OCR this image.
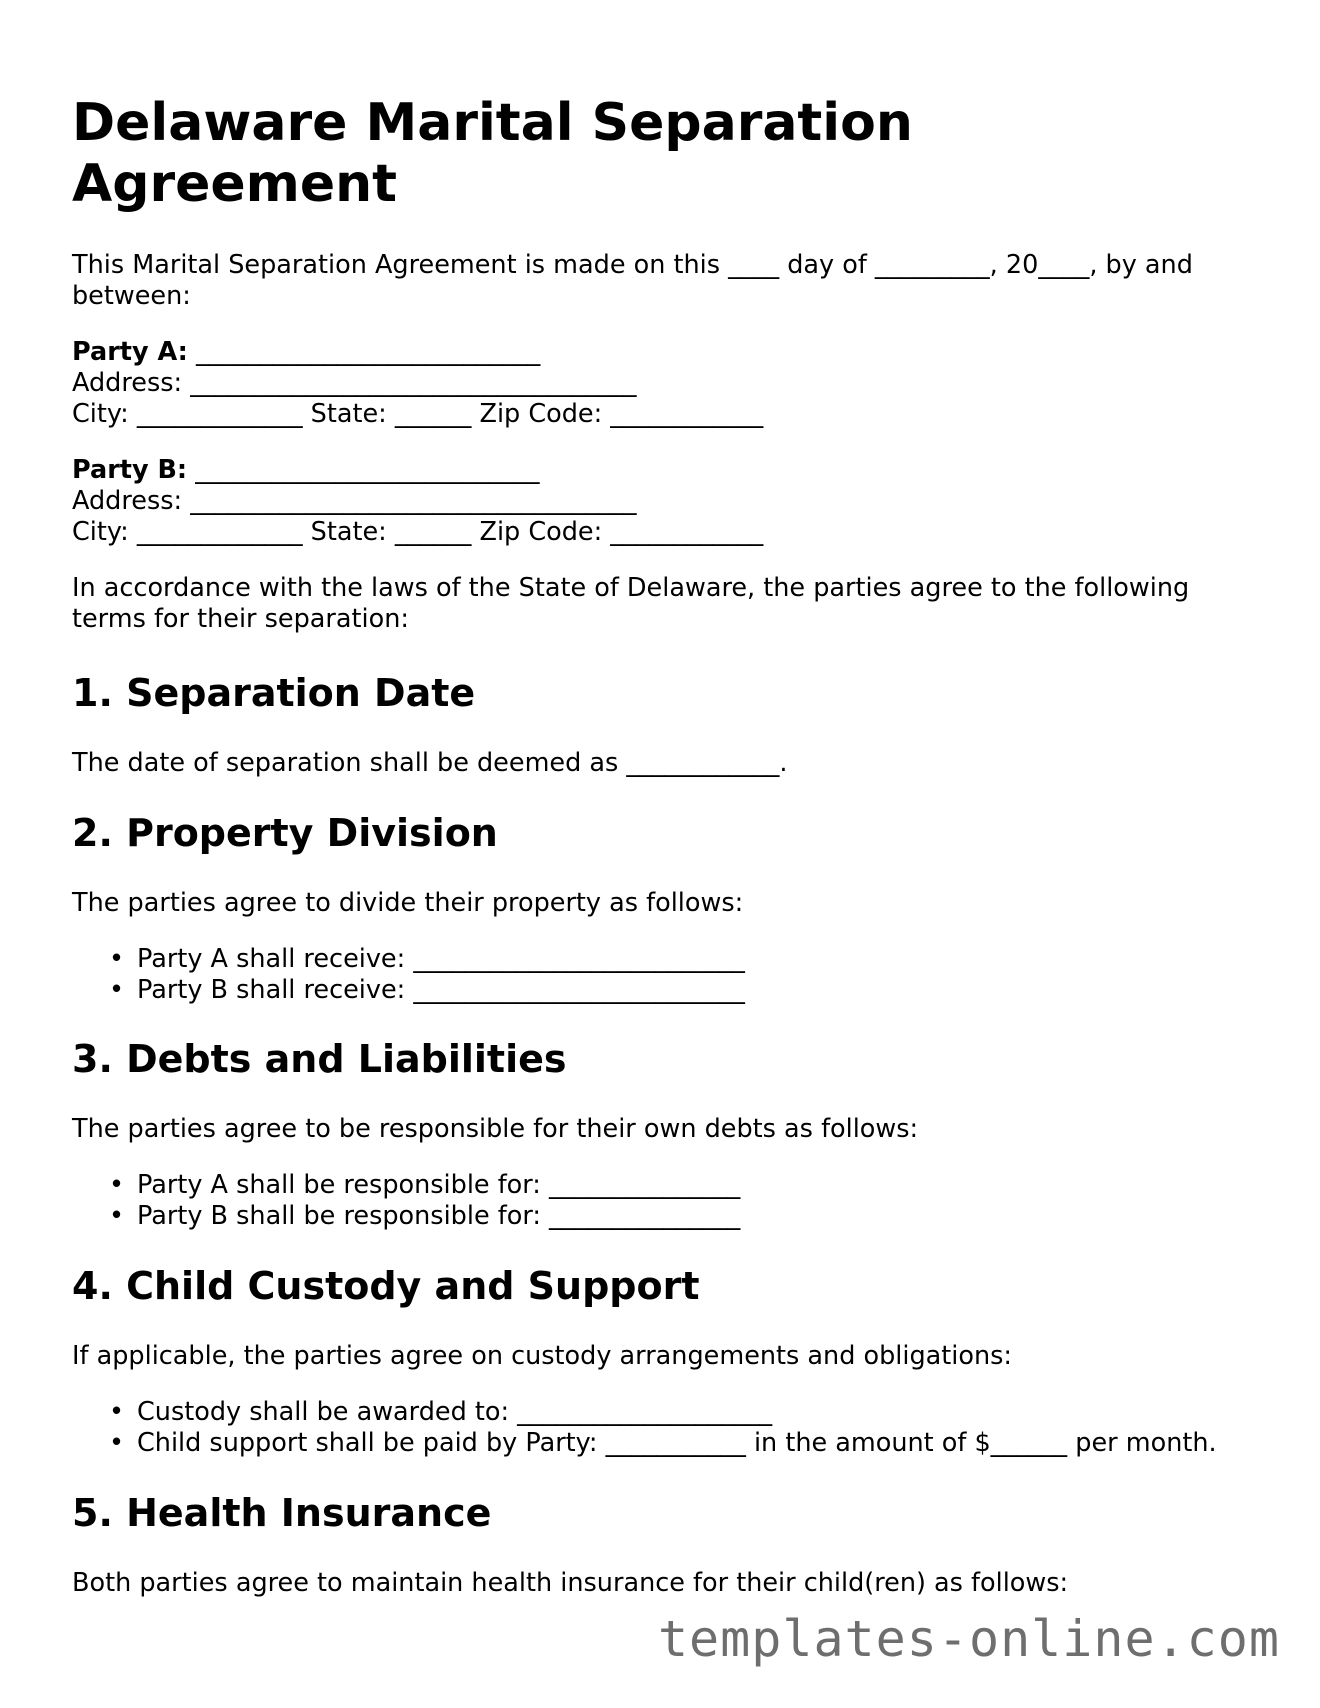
Delaware Marital Separation Agreement

This Marital Separation Agreement is made on this ____ day of _________, 20____, by and between:

Party A: ___________________________
Address: ___________________________________
City: _____________ State: ______ Zip Code: ____________
Party B: ___________________________
Address: ___________________________________
City: _____________ State: ______ Zip Code: ____________

In accordance with the laws of the State of Delaware, the parties agree to the following terms for their separation:

1. Separation Date

The date of separation shall be deemed as ____________.

2. Property Division

The parties agree to divide their property as follows:

• Party A shall receive: __________________________
• Party B shall receive: __________________________
3. Debts and Liabilities

The parties agree to be responsible for their own debts as follows:

• Party A shall be responsible for: _______________
• Party B shall be responsible for: _______________
4. Child Custody and Support

If applicable, the parties agree on custody arrangements and obligations:

• Custody shall be awarded to: ____________________
• Child support shall be paid by Party: ___________ in the amount of $______ per month.
5. Health Insurance

Both parties agree to maintain health insurance for their child(ren) as follows:

templates-online.com
